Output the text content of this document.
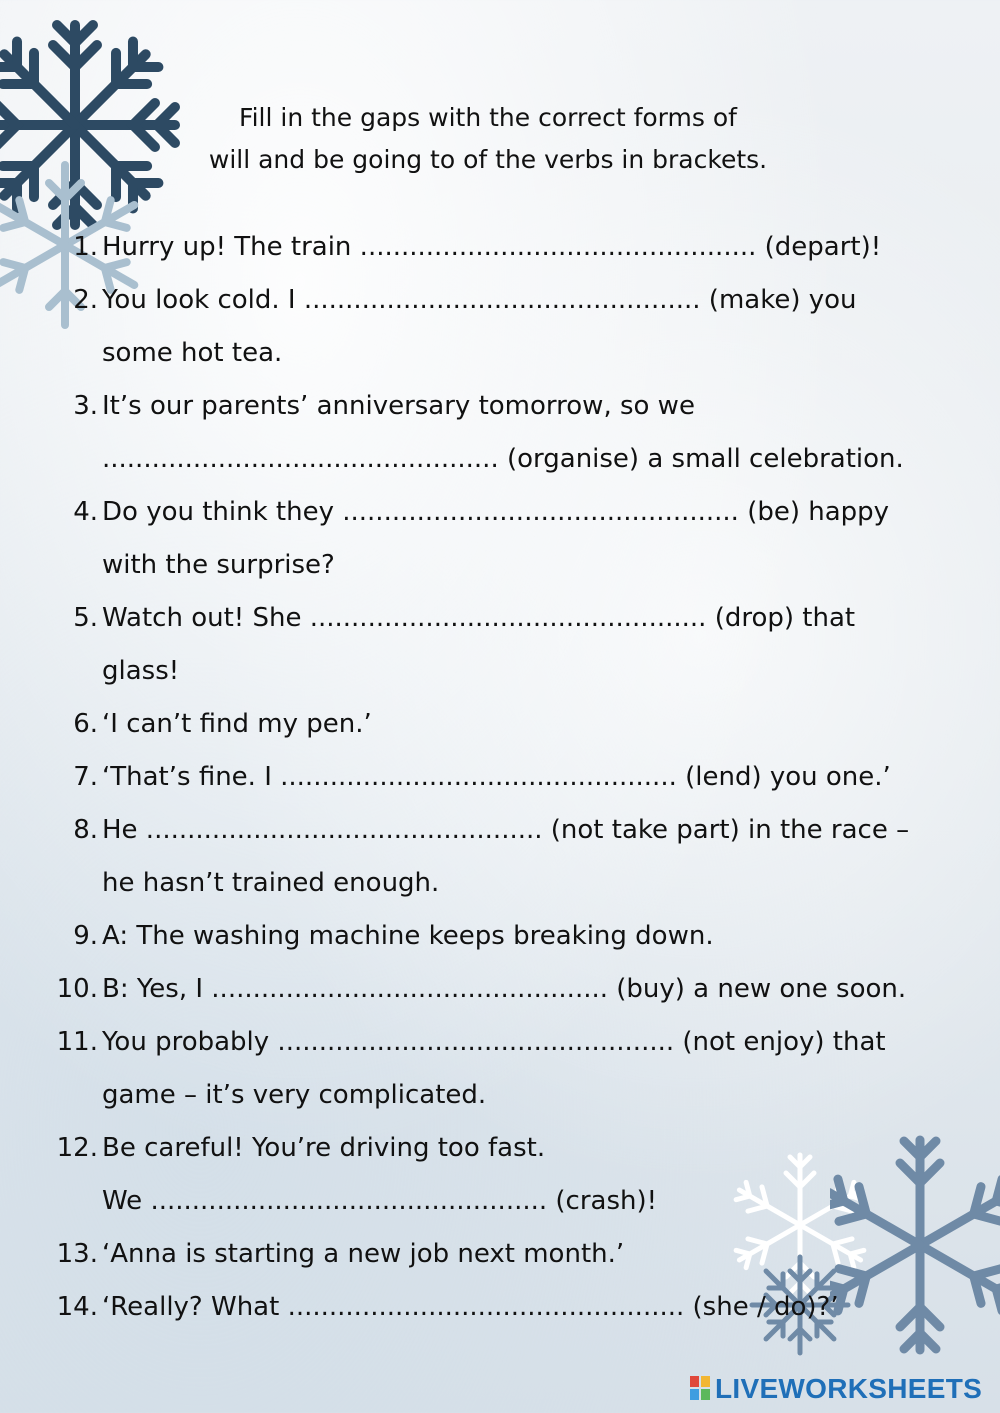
Fill in the gaps with the correct forms of
will and be going to of the verbs in brackets.
1. Hurry up! The train ................................................ (depart)!
2. You look cold. I ................................................ (make) you
some hot tea.
3. It’s our parents’ anniversary tomorrow, so we
................................................ (organise) a small celebration.
4. Do you think they ................................................ (be) happy
with the surprise?
5. Watch out! She ................................................ (drop) that
glass!
6. ‘I can’t find my pen.’
7. ‘That’s fine. I ................................................ (lend) you one.’
8. He ................................................ (not take part) in the race –
he hasn’t trained enough.
9. A: The washing machine keeps breaking down.
10. B: Yes, I ................................................ (buy) a new one soon.
11. You probably ................................................ (not enjoy) that
game – it’s very complicated.
12. Be careful! You’re driving too fast.
We ................................................ (crash)!
13. ‘Anna is starting a new job next month.’
14. ‘Really? What ................................................ (she / do)?’
LIVEWORKSHEETS
